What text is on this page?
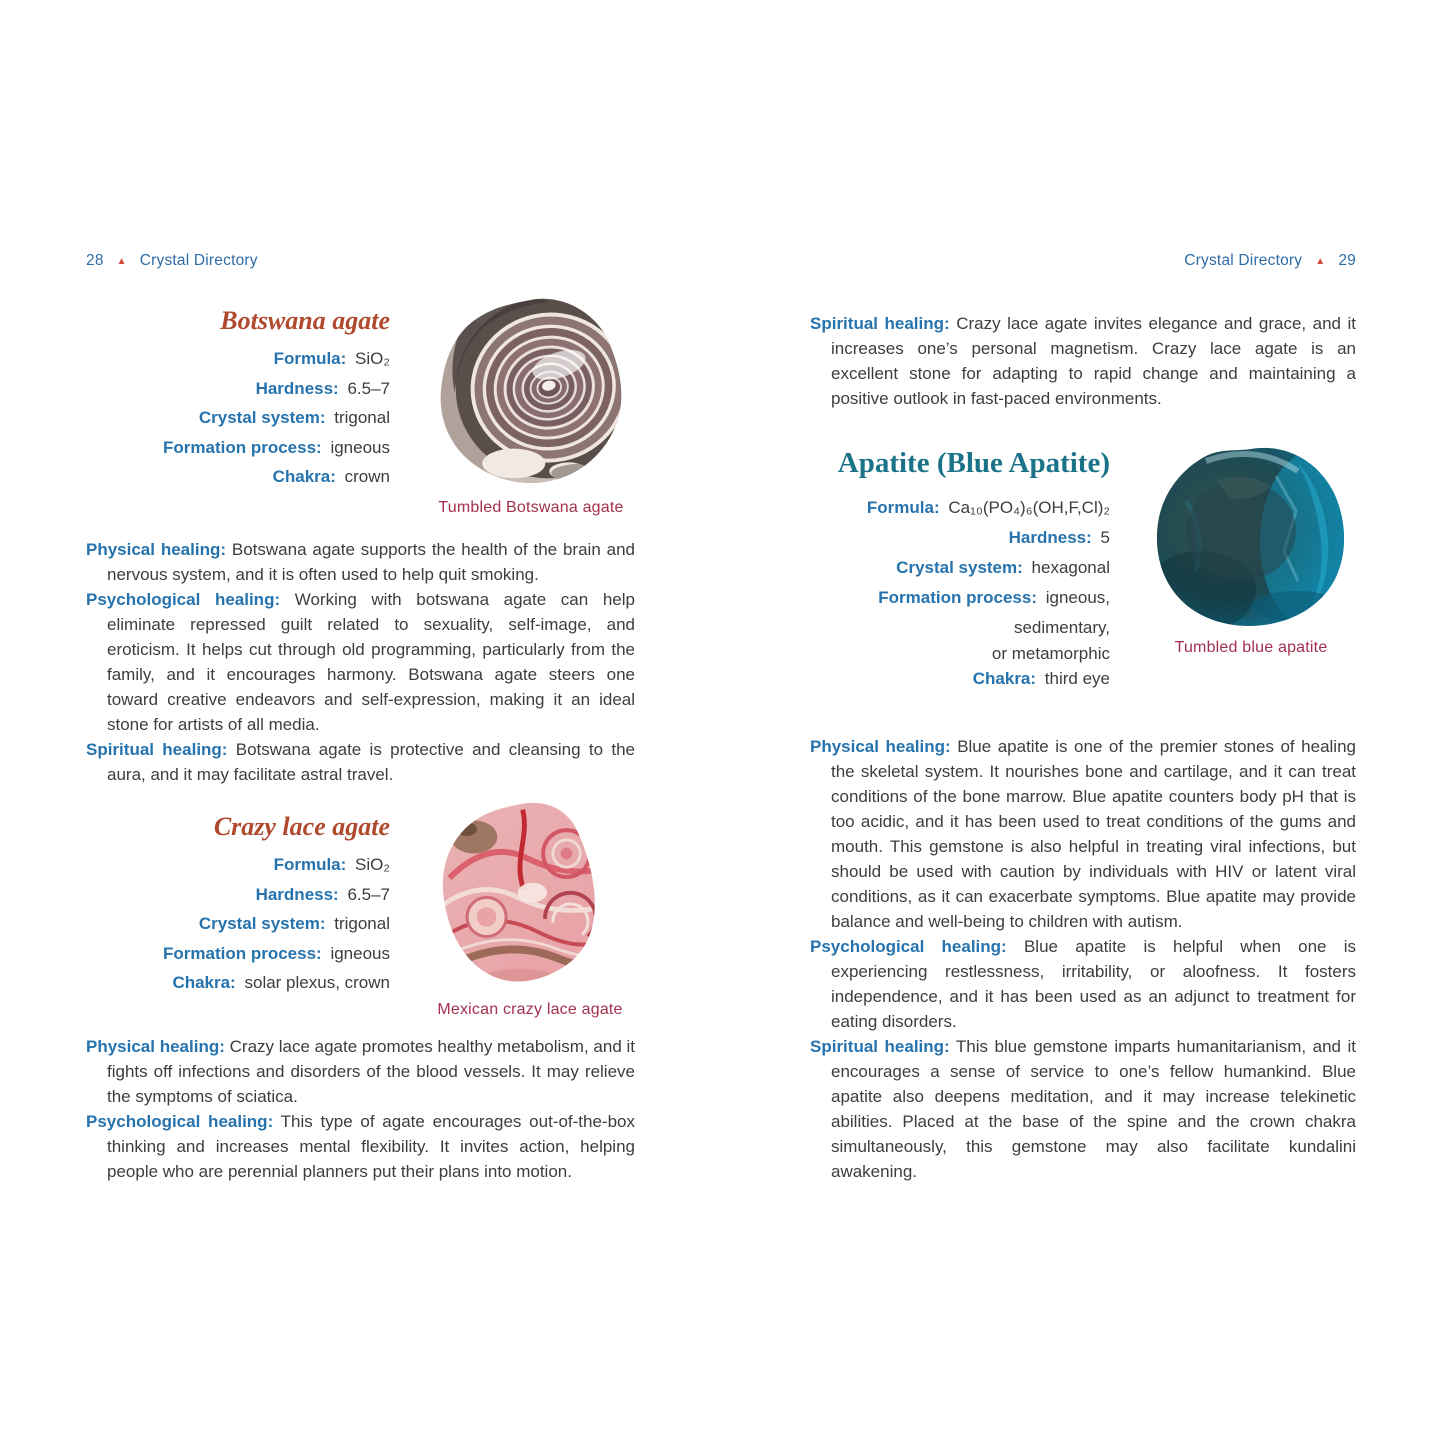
28 ▲ Crystal Directory
Botswana agate
Formula: SiO₂
Hardness: 6.5–7
Crystal system: trigonal
Formation process: igneous
Chakra: crown
Tumbled Botswana agate

Physical healing: Botswana agate supports the health of the brain and nervous system, and it is often used to help quit smoking.

Psychological healing: Working with botswana agate can help eliminate repressed guilt related to sexuality, self-image, and eroticism. It helps cut through old programming, particularly from the family, and it encourages harmony. Botswana agate steers one toward creative endeavors and self-expression, making it an ideal stone for artists of all media.

Spiritual healing: Botswana agate is protective and cleansing to the aura, and it may facilitate astral travel.

Crazy lace agate
Formula: SiO₂
Hardness: 6.5–7
Crystal system: trigonal
Formation process: igneous
Chakra: solar plexus, crown
Mexican crazy lace agate

Physical healing: Crazy lace agate promotes healthy metabolism, and it fights off infections and disorders of the blood vessels. It may relieve the symptoms of sciatica.

Psychological healing: This type of agate encourages out-of-the-box thinking and increases mental flexibility. It invites action, helping people who are perennial planners put their plans into motion.

Crystal Directory ▲ 29

Spiritual healing: Crazy lace agate invites elegance and grace, and it increases one’s personal magnetism. Crazy lace agate is an excellent stone for adapting to rapid change and maintaining a positive outlook in fast-paced environments.

Apatite (Blue Apatite)
Formula: Ca₁₀(PO₄)₆(OH,F,Cl)₂
Hardness: 5
Crystal system: hexagonal
Formation process: igneous, sedimentary,
or metamorphic
Chakra: third eye
Tumbled blue apatite

Physical healing: Blue apatite is one of the premier stones of healing the skeletal system. It nourishes bone and cartilage, and it can treat conditions of the bone marrow. Blue apatite counters body pH that is too acidic, and it has been used to treat conditions of the gums and mouth. This gemstone is also helpful in treating viral infections, but should be used with caution by individuals with HIV or latent viral conditions, as it can exacerbate symptoms. Blue apatite may provide balance and well-being to children with autism.

Psychological healing: Blue apatite is helpful when one is experiencing restlessness, irritability, or aloofness. It fosters independence, and it has been used as an adjunct to treatment for eating disorders.

Spiritual healing: This blue gemstone imparts humanitarianism, and it encourages a sense of service to one’s fellow humankind. Blue apatite also deepens meditation, and it may increase telekinetic abilities. Placed at the base of the spine and the crown chakra simultaneously, this gemstone may also facilitate kundalini awakening.
